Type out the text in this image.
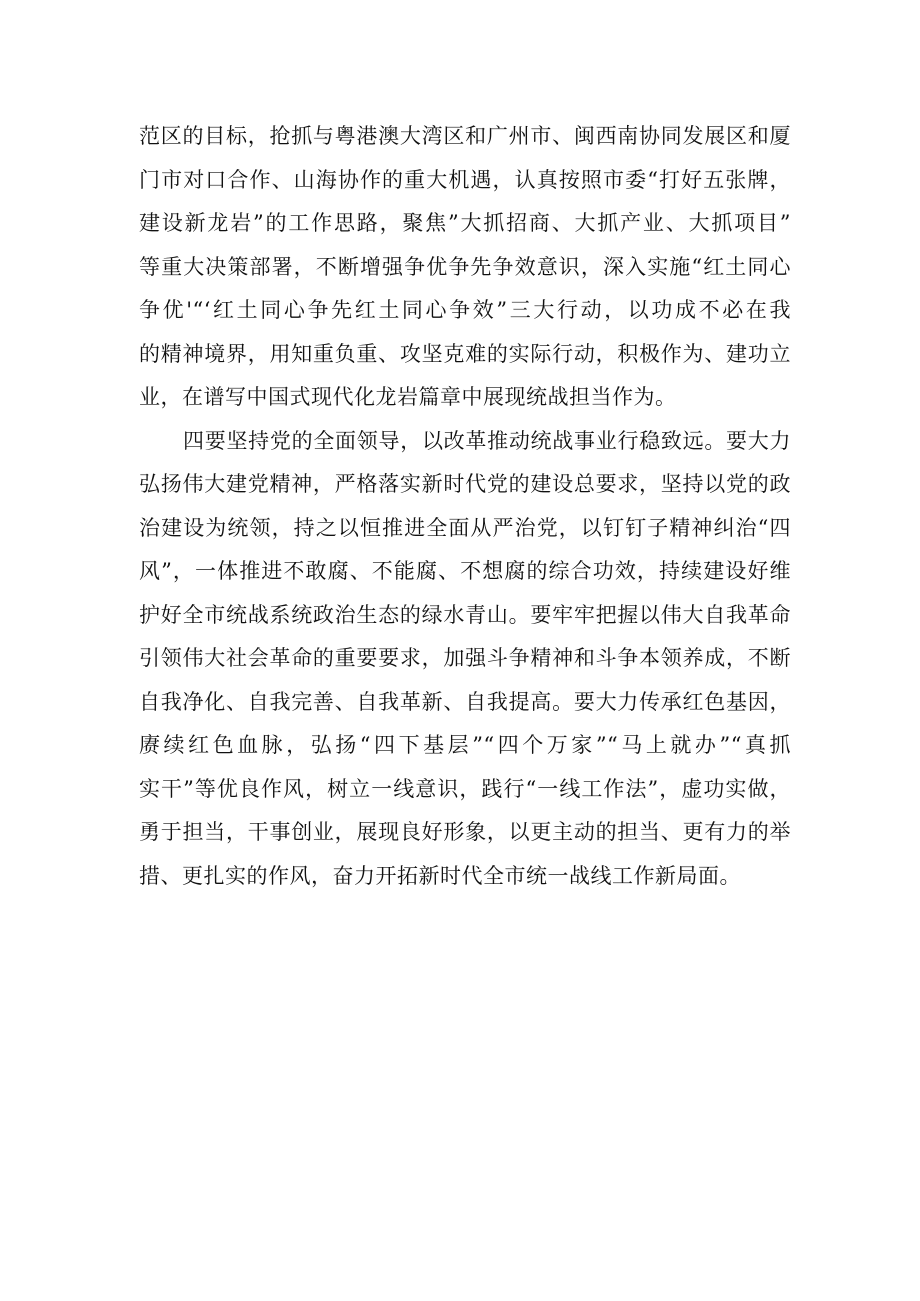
范区的目标，抢抓与粤港澳大湾区和广州市、闽西南协同发展区和厦
门市对口合作、山海协作的重大机遇，认真按照市委“打好五张牌，
建设新龙岩”的工作思路，聚焦”大抓招商、大抓产业、大抓项目”
等重大决策部署，不断增强争优争先争效意识，深入实施“红土同心
争优'“‘红土同心争先红土同心争效”三大行动，以功成不必在我
的精神境界，用知重负重、攻坚克难的实际行动，积极作为、建功立
业，在谱写中国式现代化龙岩篇章中展现统战担当作为。
四要坚持党的全面领导，以改革推动统战事业行稳致远。要大力
弘扬伟大建党精神，严格落实新时代党的建设总要求，坚持以党的政
治建设为统领，持之以恒推进全面从严治党，以钉钉子精神纠治“四
风”，一体推进不敢腐、不能腐、不想腐的综合功效，持续建设好维
护好全市统战系统政治生态的绿水青山。要牢牢把握以伟大自我革命
引领伟大社会革命的重要要求，加强斗争精神和斗争本领养成，不断
自我净化、自我完善、自我革新、自我提高。要大力传承红色基因，
赓续红色血脉，弘扬“四下基层”“四个万家”“马上就办”“真抓
实干”等优良作风，树立一线意识，践行“一线工作法”，虚功实做，
勇于担当，干事创业，展现良好形象，以更主动的担当、更有力的举
措、更扎实的作风，奋力开拓新时代全市统一战线工作新局面。
